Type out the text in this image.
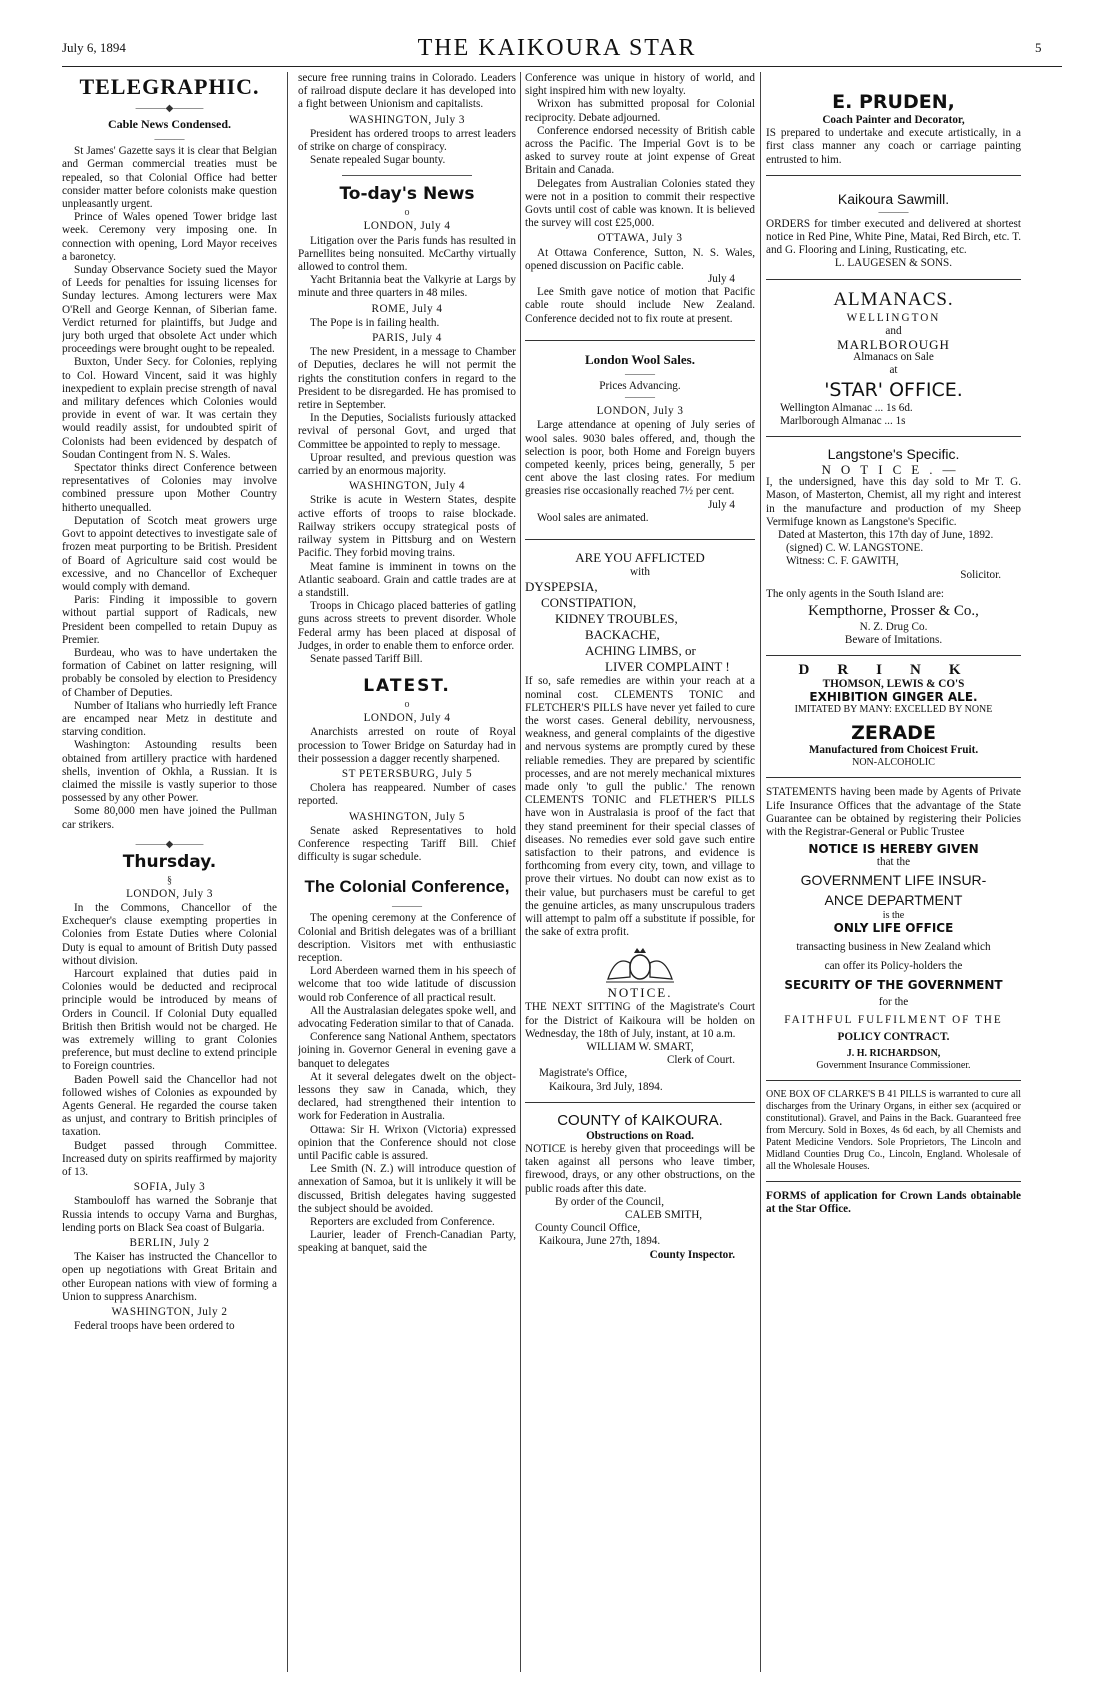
July 6, 1894	THE KAIKOURA STAR	5
TELEGRAPHIC.
———◆———
Cable News Condensed.
———

St James' Gazette says it is clear that Belgian and German commercial treaties must be repealed, so that Colonial Office had better consider matter before colonists make question unpleasantly urgent.

Prince of Wales opened Tower bridge last week. Ceremony very imposing one. In connection with opening, Lord Mayor receives a baronetcy.

Sunday Observance Society sued the Mayor of Leeds for penalties for issuing licenses for Sunday lectures. Among lecturers were Max O'Rell and George Kennan, of Siberian fame. Verdict returned for plaintiffs, but Judge and jury both urged that obsolete Act under which proceedings were brought ought to be repealed.

Buxton, Under Secy. for Colonies, replying to Col. Howard Vincent, said it was highly inexpedient to explain precise strength of naval and military defences which Colonies would provide in event of war. It was certain they would readily assist, for undoubted spirit of Colonists had been evidenced by despatch of Soudan Contingent from N. S. Wales.

Spectator thinks direct Conference between representatives of Colonies may involve combined pressure upon Mother Country hitherto unequalled.

Deputation of Scotch meat growers urge Govt to appoint detectives to investigate sale of frozen meat purporting to be British. President of Board of Agriculture said cost would be excessive, and no Chancellor of Exchequer would comply with demand.

Paris: Finding it impossible to govern without partial support of Radicals, new President been compelled to retain Dupuy as Premier.

Burdeau, who was to have undertaken the formation of Cabinet on latter resigning, will probably be consoled by election to Presidency of Chamber of Deputies.

Number of Italians who hurriedly left France are encamped near Metz in destitute and starving condition.

Washington: Astounding results been obtained from artillery practice with hardened shells, invention of Okhla, a Russian. It is claimed the missile is vastly superior to those possessed by any other Power.

Some 80,000 men have joined the Pullman car strikers.

———◆———
Thursday.
§
LONDON, July 3

In the Commons, Chancellor of the Exchequer's clause exempting properties in Colonies from Estate Duties where Colonial Duty is equal to amount of British Duty passed without division.

Harcourt explained that duties paid in Colonies would be deducted and reciprocal principle would be introduced by means of Orders in Council. If Colonial Duty equalled British then British would not be charged. He was extremely willing to grant Colonies preference, but must decline to extend principle to Foreign countries.

Baden Powell said the Chancellor had not followed wishes of Colonies as expounded by Agents General. He regarded the course taken as unjust, and contrary to British principles of taxation.

Budget passed through Committee. Increased duty on spirits reaffirmed by majority of 13.

SOFIA, July 3

Stambouloff has warned the Sobranje that Russia intends to occupy Varna and Burghas, lending ports on Black Sea coast of Bulgaria.

BERLIN, July 2

The Kaiser has instructed the Chancellor to open up negotiations with Great Britain and other European nations with view of forming a Union to suppress Anarchism.

WASHINGTON, July 2

Federal troops have been ordered to

secure free running trains in Colorado. Leaders of railroad dispute declare it has developed into a fight between Unionism and capitalists.

WASHINGTON, July 3

President has ordered troops to arrest leaders of strike on charge of conspiracy.

Senate repealed Sugar bounty.

To-day's News
o
LONDON, July 4

Litigation over the Paris funds has resulted in Parnellites being nonsuited. McCarthy virtually allowed to control them.

Yacht Britannia beat the Valkyrie at Largs by minute and three quarters in 48 miles.

ROME, July 4

The Pope is in failing health.

PARIS, July 4

The new President, in a message to Chamber of Deputies, declares he will not permit the rights the constitution confers in regard to the President to be disregarded. He has promised to retire in September.

In the Deputies, Socialists furiously attacked revival of personal Govt, and urged that Committee be appointed to reply to message.

Uproar resulted, and previous question was carried by an enormous majority.

WASHINGTON, July 4

Strike is acute in Western States, despite active efforts of troops to raise blockade. Railway strikers occupy strategical posts of railway system in Pittsburg and on Western Pacific. They forbid moving trains.

Meat famine is imminent in towns on the Atlantic seaboard. Grain and cattle trades are at a standstill.

Troops in Chicago placed batteries of gatling guns across streets to prevent disorder. Whole Federal army has been placed at disposal of Judges, in order to enable them to enforce order.

Senate passed Tariff Bill.

LATEST.
o
LONDON, July 4

Anarchists arrested on route of Royal procession to Tower Bridge on Saturday had in their possession a dagger recently sharpened.

ST PETERSBURG, July 5

Cholera has reappeared. Number of cases reported.

WASHINGTON, July 5

Senate asked Representatives to hold Conference respecting Tariff Bill. Chief difficulty is sugar schedule.

The Colonial Conference,
———

The opening ceremony at the Conference of Colonial and British delegates was of a brilliant description. Visitors met with enthusiastic reception.

Lord Aberdeen warned them in his speech of welcome that too wide latitude of discussion would rob Conference of all practical result.

All the Australasian delegates spoke well, and advocating Federation similar to that of Canada.

Conference sang National Anthem, spectators joining in. Governor General in evening gave a banquet to delegates

At it several delegates dwelt on the object-lessons they saw in Canada, which, they declared, had strengthened their intention to work for Federation in Australia.

Ottawa: Sir H. Wrixon (Victoria) expressed opinion that the Conference should not close until Pacific cable is assured.

Lee Smith (N. Z.) will introduce question of annexation of Samoa, but it is unlikely it will be discussed, British delegates having suggested the subject should be avoided.

Reporters are excluded from Conference.

Laurier, leader of French-Canadian Party, speaking at banquet, said the

Conference was unique in history of world, and sight inspired him with new loyalty.

Wrixon has submitted proposal for Colonial reciprocity. Debate adjourned.

Conference endorsed necessity of British cable across the Pacific. The Imperial Govt is to be asked to survey route at joint expense of Great Britain and Canada.

Delegates from Australian Colonies stated they were not in a position to commit their respective Govts until cost of cable was known. It is believed the survey will cost £25,000.

OTTAWA, July 3

At Ottawa Conference, Sutton, N. S. Wales, opened discussion on Pacific cable.

July 4

Lee Smith gave notice of motion that Pacific cable route should include New Zealand. Conference decided not to fix route at present.

London Wool Sales.
———
Prices Advancing.
———
LONDON, July 3

Large attendance at opening of July series of wool sales. 9030 bales offered, and, though the selection is poor, both Home and Foreign buyers competed keenly, prices being, generally, 5 per cent above the last closing rates. For medium greasies rise occasionally reached 7½ per cent.

July 4

Wool sales are animated.

ARE YOU AFFLICTED
with
DYSPEPSIA,
CONSTIPATION,
KIDNEY TROUBLES,
BACKACHE,
ACHING LIMBS, or
LIVER COMPLAINT !

If so, safe remedies are within your reach at a nominal cost. CLEMENTS TONIC and FLETCHER'S PILLS have never yet failed to cure the worst cases. General debility, nervousness, weakness, and general complaints of the digestive and nervous systems are promptly cured by these reliable remedies. They are prepared by scientific processes, and are not merely mechanical mixtures made only 'to gull the public.' The renown CLEMENTS TONIC and FLETHER'S PILLS have won in Australasia is proof of the fact that they stand preeminent for their special classes of diseases. No remedies ever sold gave such entire satisfaction to their patrons, and evidence is forthcoming from every city, town, and village to prove their virtues. No doubt can now exist as to their value, but purchasers must be careful to get the genuine articles, as many unscrupulous traders will attempt to palm off a substitute if possible, for the sake of extra profit.

NOTICE.

THE NEXT SITTING of the Magistrate's Court for the District of Kaikoura will be holden on Wednesday, the 18th of July, instant, at 10 a.m.

WILLIAM W. SMART,
Clerk of Court.
Magistrate's Office,
Kaikoura, 3rd July, 1894.
COUNTY of KAIKOURA.
Obstructions on Road.

NOTICE is hereby given that proceedings will be taken against all persons who leave timber, firewood, drays, or any other obstructions, on the public roads after this date.

By order of the Council,
CALEB SMITH,
County Council Office,
Kaikoura, June 27th, 1894.
County Inspector.
E. PRUDEN,
Coach Painter and Decorator,

IS prepared to undertake and execute artistically, in a first class manner any coach or carriage painting entrusted to him.

Kaikoura Sawmill.
———

ORDERS for timber executed and delivered at shortest notice in Red Pine, White Pine, Matai, Red Birch, etc. T. and G. Flooring and Lining, Rusticating, etc.

L. LAUGESEN & SONS.
ALMANACS.
WELLINGTON
and
MARLBOROUGH
Almanacs on Sale
at
'STAR' OFFICE.
Wellington Almanac ... 1s 6d.
Marlborough Almanac ... 1s
Langstone's Specific.
NOTICE.—

I, the undersigned, have this day sold to Mr T. G. Mason, of Masterton, Chemist, all my right and interest in the manufacture and production of my Sheep Vermifuge known as Langstone's Specific.

Dated at Masterton, this 17th day of June, 1892.
(signed) C. W. LANGSTONE.
Witness: C. F. GAWITH,
Solicitor.
The only agents in the South Island are:
Kempthorne, Prosser & Co.,
N. Z. Drug Co.
Beware of Imitations.
DRINK
THOMSON, LEWIS & CO'S
EXHIBITION GINGER ALE.
IMITATED BY MANY: EXCELLED BY NONE
ZERADE
Manufactured from Choicest Fruit.
NON-ALCOHOLIC

STATEMENTS having been made by Agents of Private Life Insurance Offices that the advantage of the State Guarantee can be obtained by registering their Policies with the Registrar-General or Public Trustee

NOTICE IS HEREBY GIVEN
that the
GOVERNMENT LIFE INSUR-
ANCE DEPARTMENT
is the
ONLY LIFE OFFICE
transacting business in New Zealand which
can offer its Policy-holders the
SECURITY OF THE GOVERNMENT
for the
FAITHFUL FULFILMENT OF THE
POLICY CONTRACT.
J. H. RICHARDSON,
Government Insurance Commissioner.

ONE BOX OF CLARKE'S B 41 PILLS is warranted to cure all discharges from the Urinary Organs, in either sex (acquired or constitutional). Gravel, and Pains in the Back. Guaranteed free from Mercury. Sold in Boxes, 4s 6d each, by all Chemists and Patent Medicine Vendors. Sole Proprietors, The Lincoln and Midland Counties Drug Co., Lincoln, England. Wholesale of all the Wholesale Houses.

FORMS of application for Crown Lands obtainable at the Star Office.
